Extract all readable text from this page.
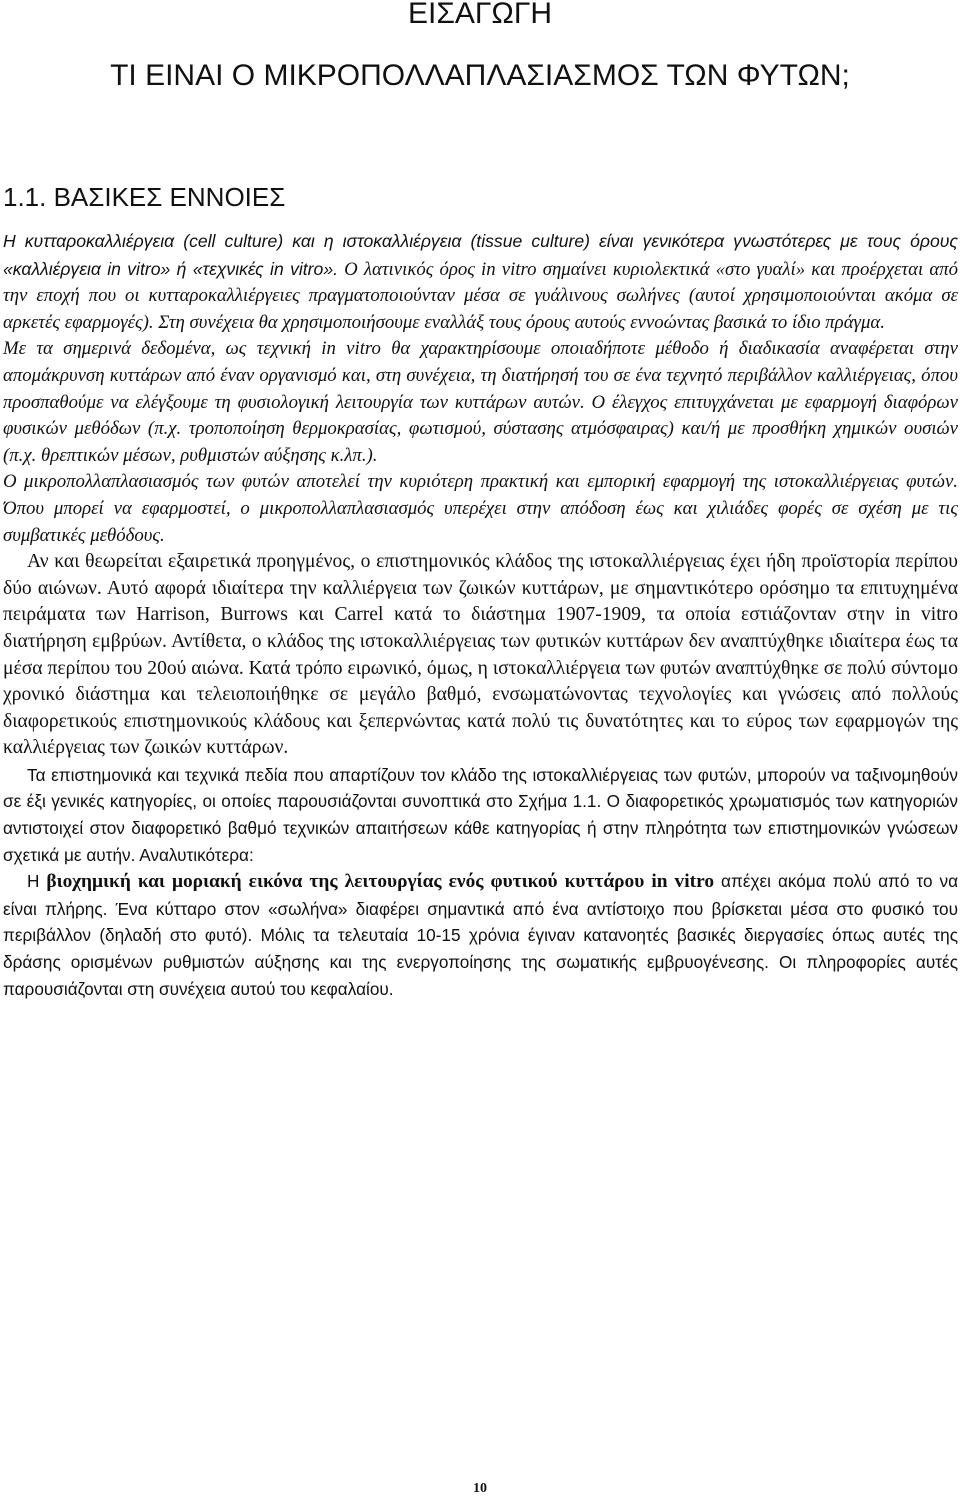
ΕΙΣΑΓΩΓΗ
ΤΙ ΕΙΝΑΙ Ο ΜΙΚΡΟΠΟΛΛΑΠΛΑΣΙΑΣΜΟΣ ΤΩΝ ΦΥΤΩΝ;
1.1. ΒΑΣΙΚΕΣ ΕΝΝΟΙΕΣ

Η κυτταροκαλλιέργεια (cell culture) και η ιστοκαλλιέργεια (tissue culture) είναι γενικότερα γνωστότερες με τους όρους «καλλιέργεια in vitro» ή «τεχνικές in vitro». Ο λατινικός όρος in vitro σημαίνει κυριολεκτικά «στο γυαλί» και προέρχεται από την εποχή που οι κυτταροκαλλιέργειες πραγματοποιούνταν μέσα σε γυάλινους σωλήνες (αυτοί χρησιμοποιούνται ακόμα σε αρκετές εφαρμογές). Στη συνέχεια θα χρησιμοποιήσουμε εναλλάξ τους όρους αυτούς εννοώντας βασικά το ίδιο πράγμα.

Με τα σημερινά δεδομένα, ως τεχνική in vitro θα χαρακτηρίσουμε οποιαδήποτε μέθοδο ή διαδικασία αναφέρεται στην απομάκρυνση κυττάρων από έναν οργανισμό και, στη συνέχεια, τη διατήρησή του σε ένα τεχνητό περιβάλλον καλλιέργειας, όπου προσπαθούμε να ελέγξουμε τη φυσιολογική λειτουργία των κυττάρων αυτών. Ο έλεγχος επιτυγχάνεται με εφαρμογή διαφόρων φυσικών μεθόδων (π.χ. τροποποίηση θερμοκρασίας, φωτισμού, σύστασης ατμόσφαιρας) και/ή με προσθήκη χημικών ουσιών (π.χ. θρεπτικών μέσων, ρυθμιστών αύξησης κ.λπ.).

Ο μικροπολλαπλασιασμός των φυτών αποτελεί την κυριότερη πρακτική και εμπορική εφαρμογή της ιστοκαλλιέργειας φυτών. Όπου μπορεί να εφαρμοστεί, ο μικροπολλαπλασιασμός υπερέχει στην απόδοση έως και χιλιάδες φορές σε σχέση με τις συμβατικές μεθόδους.

Αν και θεωρείται εξαιρετικά προηγμένος, ο επιστημονικός κλάδος της ιστοκαλλιέργειας έχει ήδη προϊστορία περίπου δύο αιώνων. Αυτό αφορά ιδιαίτερα την καλλιέργεια των ζωικών κυττάρων, με σημαντικότερο ορόσημο τα επιτυχημένα πειράματα των Harrison, Burrows και Carrel κατά το διάστημα 1907-1909, τα οποία εστιάζονταν στην in vitro διατήρηση εμβρύων. Αντίθετα, ο κλάδος της ιστοκαλλιέργειας των φυτικών κυττάρων δεν αναπτύχθηκε ιδιαίτερα έως τα μέσα περίπου του 20ού αιώνα. Κατά τρόπο ειρωνικό, όμως, η ιστοκαλλιέργεια των φυτών αναπτύχθηκε σε πολύ σύντομο χρονικό διάστημα και τελειοποιήθηκε σε μεγάλο βαθμό, ενσωματώνοντας τεχνολογίες και γνώσεις από πολλούς διαφορετικούς επιστημονικούς κλάδους και ξεπερνώντας κατά πολύ τις δυνατότητες και το εύρος των εφαρμογών της καλλιέργειας των ζωικών κυττάρων.

Τα επιστημονικά και τεχνικά πεδία που απαρτίζουν τον κλάδο της ιστοκαλλιέργειας των φυτών, μπορούν να ταξινομηθούν σε έξι γενικές κατηγορίες, οι οποίες παρουσιάζονται συνοπτικά στο Σχήμα 1.1. Ο διαφορετικός χρωματισμός των κατηγοριών αντιστοιχεί στον διαφορετικό βαθμό τεχνικών απαιτήσεων κάθε κατηγορίας ή στην πληρότητα των επιστημονικών γνώσεων σχετικά με αυτήν. Αναλυτικότερα:

Η βιοχημική και μοριακή εικόνα της λειτουργίας ενός φυτικού κυττάρου in vitro απέχει ακόμα πολύ από το να είναι πλήρης. Ένα κύτταρο στον «σωλήνα» διαφέρει σημαντικά από ένα αντίστοιχο που βρίσκεται μέσα στο φυσικό του περιβάλλον (δηλαδή στο φυτό). Μόλις τα τελευταία 10-15 χρόνια έγιναν κατανοητές βασικές διεργασίες όπως αυτές της δράσης ορισμένων ρυθμιστών αύξησης και της ενεργοποίησης της σωματικής εμβρυογένεσης. Οι πληροφορίες αυτές παρουσιάζονται στη συνέχεια αυτού του κεφαλαίου.

10
